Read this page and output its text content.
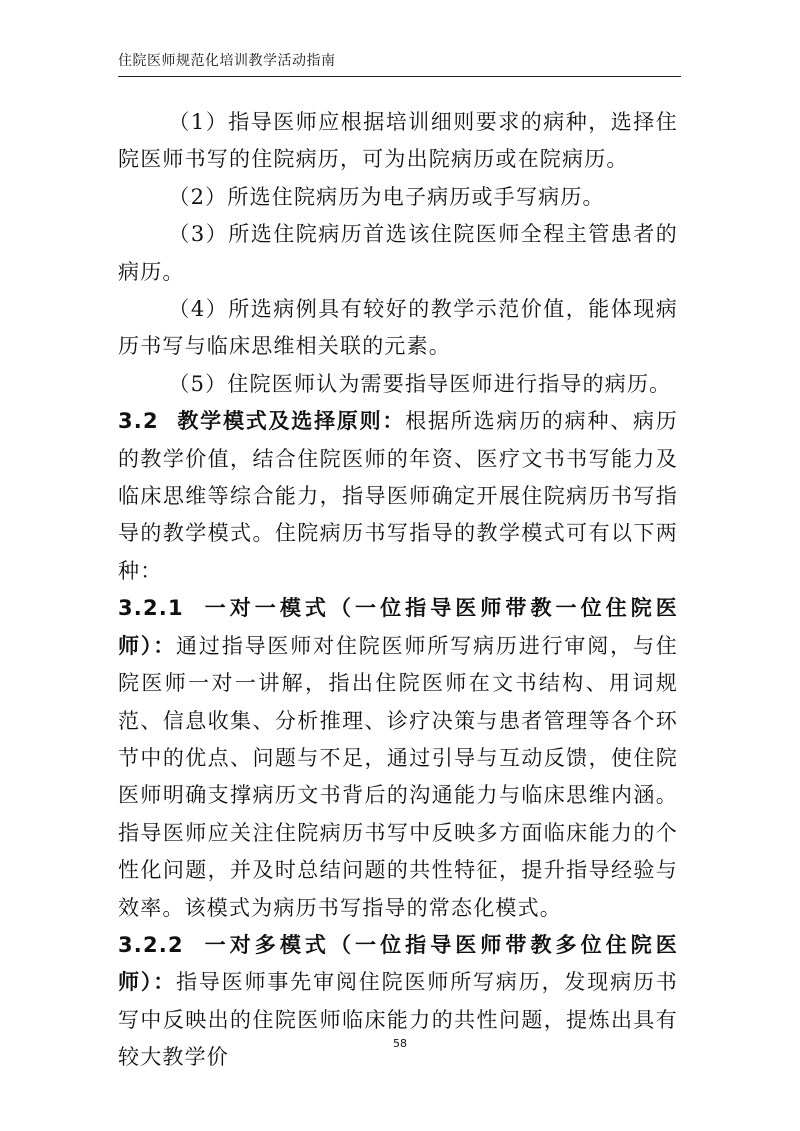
住院医师规范化培训教学活动指南

（1）指导医师应根据培训细则要求的病种，选择住院医师书写的住院病历，可为出院病历或在院病历。

（2）所选住院病历为电子病历或手写病历。

（3）所选住院病历首选该住院医师全程主管患者的病历。

（4）所选病例具有较好的教学示范价值，能体现病历书写与临床思维相关联的元素。

（5）住院医师认为需要指导医师进行指导的病历。

3.2 教学模式及选择原则：根据所选病历的病种、病历的教学价值，结合住院医师的年资、医疗文书书写能力及临床思维等综合能力，指导医师确定开展住院病历书写指导的教学模式。住院病历书写指导的教学模式可有以下两种：

3.2.1 一对一模式（一位指导医师带教一位住院医师）：通过指导医师对住院医师所写病历进行审阅，与住院医师一对一讲解，指出住院医师在文书结构、用词规范、信息收集、分析推理、诊疗决策与患者管理等各个环节中的优点、问题与不足，通过引导与互动反馈，使住院医师明确支撑病历文书背后的沟通能力与临床思维内涵。指导医师应关注住院病历书写中反映多方面临床能力的个性化问题，并及时总结问题的共性特征，提升指导经验与效率。该模式为病历书写指导的常态化模式。

3.2.2 一对多模式（一位指导医师带教多位住院医师）：指导医师事先审阅住院医师所写病历，发现病历书写中反映出的住院医师临床能力的共性问题，提炼出具有较大教学价

58
